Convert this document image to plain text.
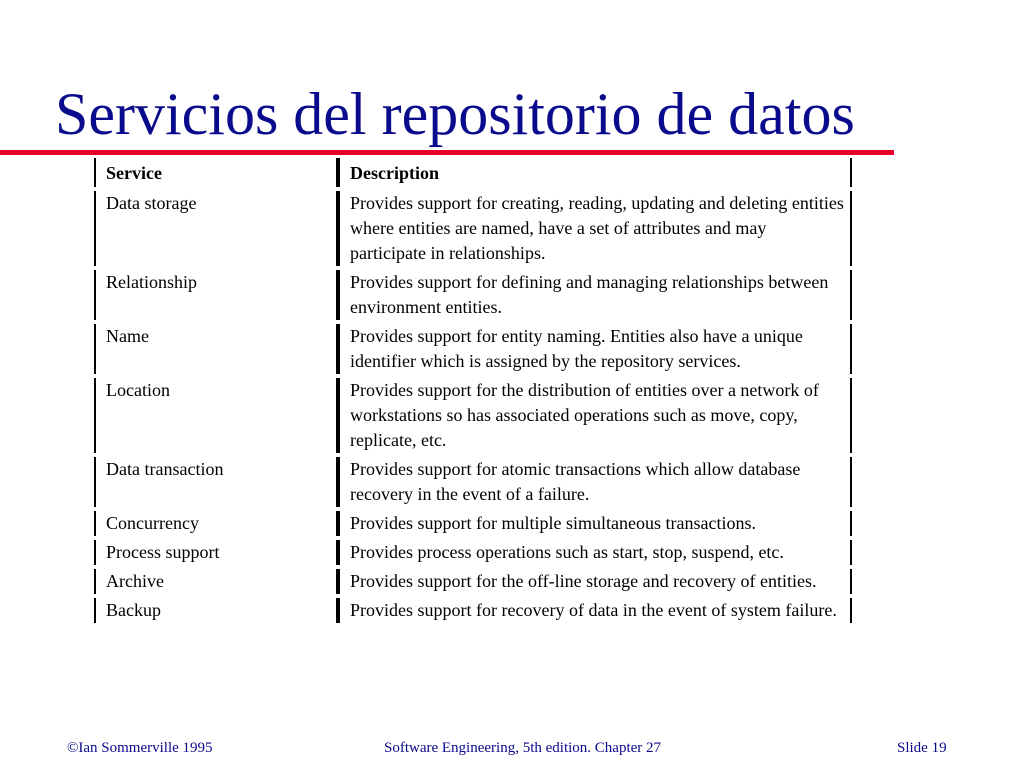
Servicios del repositorio de datos
Service	Description
Data storage	Provides support for creating, reading, updating and deleting entities where entities are named, have a set of attributes and may participate in relationships.
Relationship	Provides support for defining and managing relationships between environment entities.
Name	Provides support for entity naming. Entities also have a unique identifier which is assigned by the repository services.
Location	Provides support for the distribution of entities over a network of workstations so has associated operations such as move, copy, replicate, etc.
Data transaction	Provides support for atomic transactions which allow database recovery in the event of a failure.
Concurrency	Provides support for multiple simultaneous transactions.
Process support	Provides process operations such as start, stop, suspend, etc.
Archive	Provides support for the off-line storage and recovery of entities.
Backup	Provides support for recovery of data in the event of system failure.
©Ian Sommerville 1995	Software Engineering, 5th edition. Chapter 27	Slide 19
